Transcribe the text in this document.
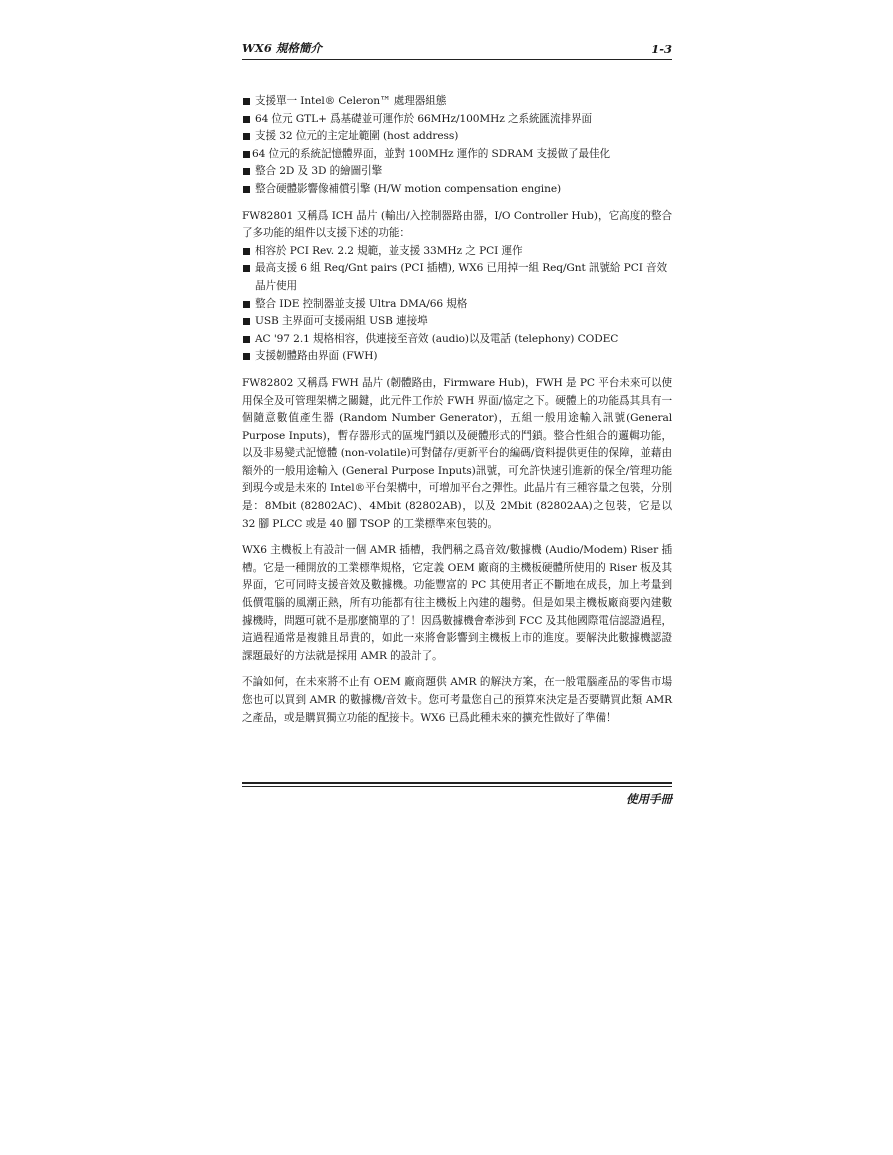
WX6 規格簡介	1-3
支援單一 Intel® Celeron™ 處理器組態
64 位元 GTL+ 爲基礎並可運作於 66MHz/100MHz 之系統匯流排界面
支援 32 位元的主定址範圍 (host address)
64 位元的系統記憶體界面，並對 100MHz 運作的 SDRAM 支援做了最佳化
整合 2D 及 3D 的繪圖引擎
整合硬體影響像補償引擎 (H/W motion compensation engine)

FW82801 又稱爲 ICH 晶片 (輸出/入控制器路由器，I/O Controller Hub)，它高度的整合了多功能的組件以支援下述的功能：

相容於 PCI Rev. 2.2 規範，並支援 33MHz 之 PCI 運作
最高支援 6 組 Req/Gnt pairs (PCI 插槽), WX6 已用掉一組 Req/Gnt 訊號給 PCI 音效晶片使用
整合 IDE 控制器並支援 Ultra DMA/66 規格
USB 主界面可支援兩組 USB 連接埠
AC '97 2.1 規格相容，供連接至音效 (audio)以及電話 (telephony) CODEC
支援韌體路由界面 (FWH)

FW82802 又稱爲 FWH 晶片 (韌體路由，Firmware Hub)，FWH 是 PC 平台未來可以使用保全及可管理架構之關鍵，此元件工作於 FWH 界面/協定之下。硬體上的功能爲其具有一個隨意數值產生器 (Random Number Generator)，五組一般用途輸入訊號(General Purpose Inputs)，暫存器形式的區塊鬥鎖以及硬體形式的鬥鎖。整合性組合的邏輯功能，以及非易變式記憶體 (non-volatile)可對儲存/更新平台的編碼/資料提供更佳的保障，並藉由額外的一般用途輸入 (General Purpose Inputs)訊號，可允許快速引進新的保全/管理功能到現今或是未來的 Intel®平台架構中，可增加平台之彈性。此晶片有三種容量之包裝，分別是：8Mbit (82802AC)、4Mbit (82802AB)，以及 2Mbit (82802AA)之包裝，它是以 32 腳 PLCC 或是 40 腳 TSOP 的工業標準來包裝的。

WX6 主機板上有設計一個 AMR 插槽，我們稱之爲音效/數據機 (Audio/Modem) Riser 插槽。它是一種開放的工業標準規格，它定義 OEM 廠商的主機板硬體所使用的 Riser 板及其界面，它可同時支援音效及數據機。功能豐富的 PC 其使用者正不斷地在成長，加上考量到低價電腦的風潮正熱，所有功能都有往主機板上內建的趨勢。但是如果主機板廠商要內建數據機時，問題可就不是那麼簡單的了！因爲數據機會牽涉到 FCC 及其他國際電信認證過程，這過程通常是複雜且昂貴的，如此一來將會影響到主機板上市的進度。要解決此數據機認證課題最好的方法就是採用 AMR 的設計了。

不論如何，在未來將不止有 OEM 廠商題供 AMR 的解決方案，在一般電腦產品的零售市場您也可以買到 AMR 的數據機/音效卡。您可考量您自己的預算來決定是否要購買此類 AMR 之產品，或是購買獨立功能的配接卡。WX6 已爲此種未來的擴充性做好了準備！

使用手冊
